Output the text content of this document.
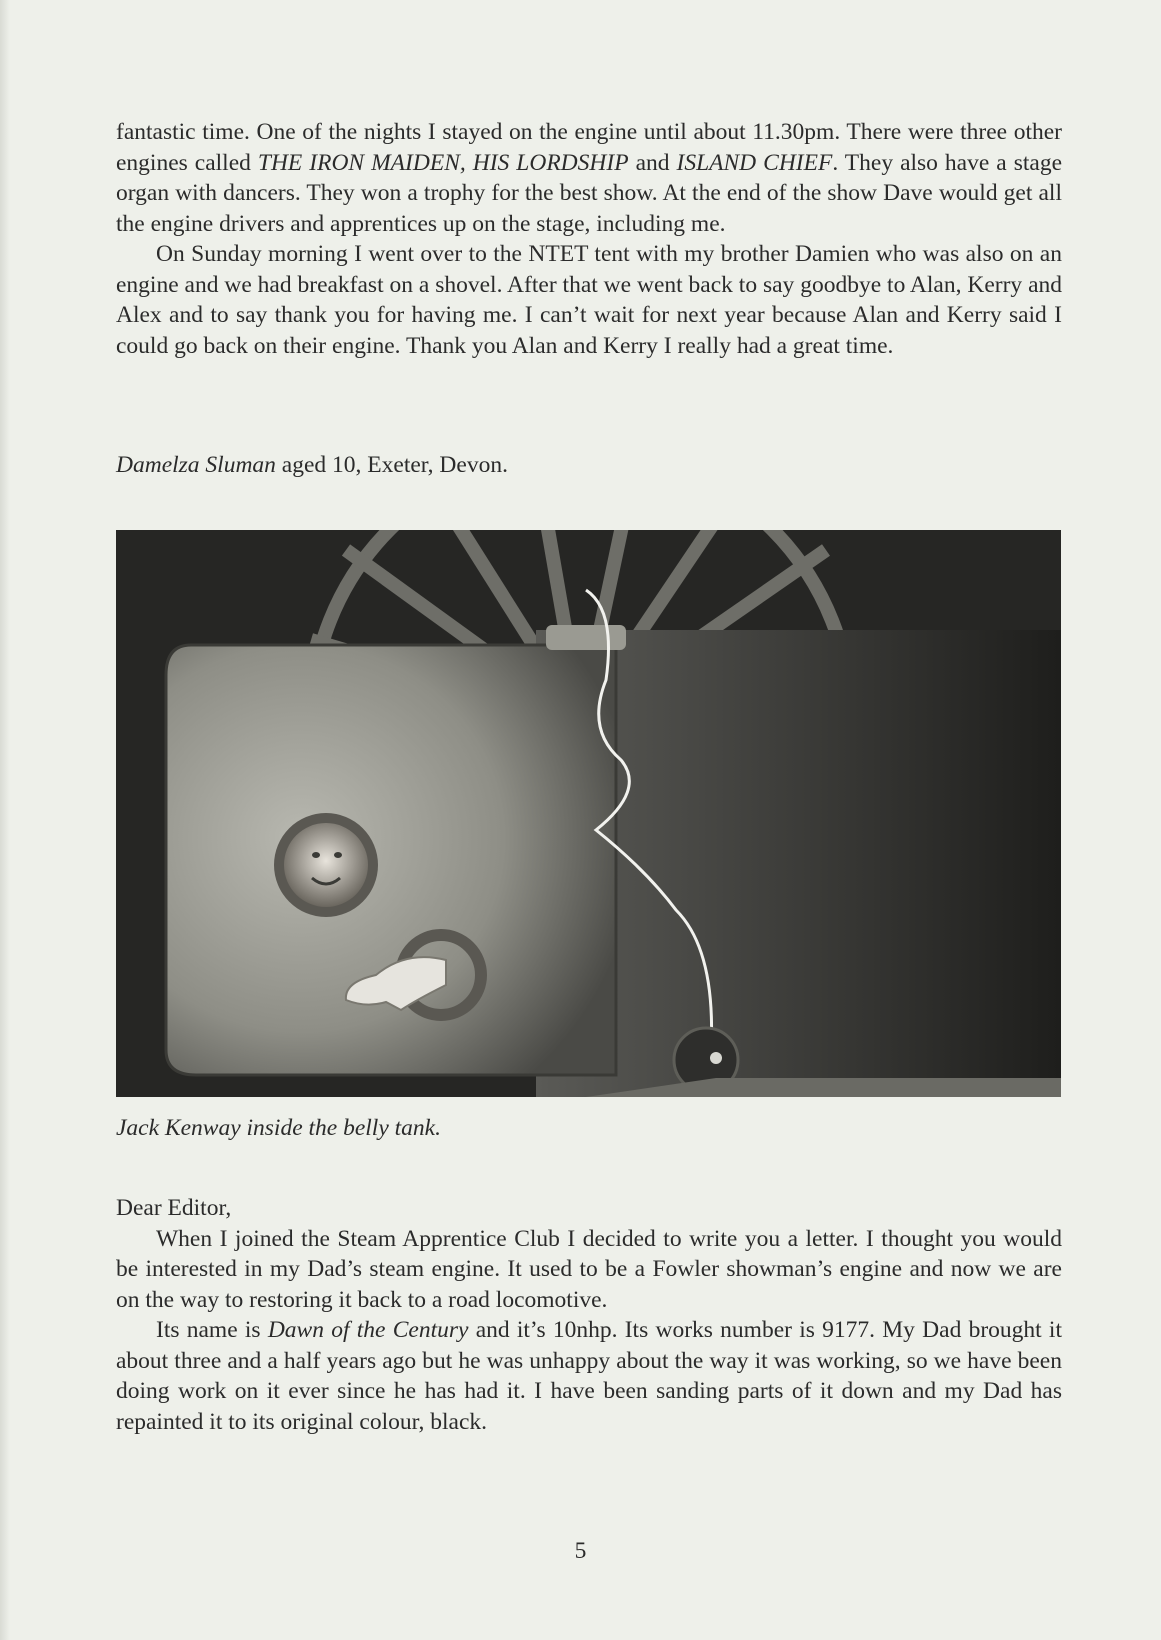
fantastic time. One of the nights I stayed on the engine until about 11.30pm. There were three other engines called THE IRON MAIDEN, HIS LORDSHIP and ISLAND CHIEF. They also have a stage organ with dancers. They won a trophy for the best show. At the end of the show Dave would get all the engine drivers and apprentices up on the stage, including me.

On Sunday morning I went over to the NTET tent with my brother Damien who was also on an engine and we had breakfast on a shovel. After that we went back to say goodbye to Alan, Kerry and Alex and to say thank you for having me. I can’t wait for next year because Alan and Kerry said I could go back on their engine. Thank you Alan and Kerry I really had a great time.

Damelza Sluman aged 10, Exeter, Devon.
Jack Kenway inside the belly tank.

Dear Editor,

When I joined the Steam Apprentice Club I decided to write you a letter. I thought you would be interested in my Dad’s steam engine. It used to be a Fowler showman’s engine and now we are on the way to restoring it back to a road locomotive.

Its name is Dawn of the Century and it’s 10nhp. Its works number is 9177. My Dad brought it about three and a half years ago but he was unhappy about the way it was working, so we have been doing work on it ever since he has had it. I have been sanding parts of it down and my Dad has repainted it to its original colour, black.

5
